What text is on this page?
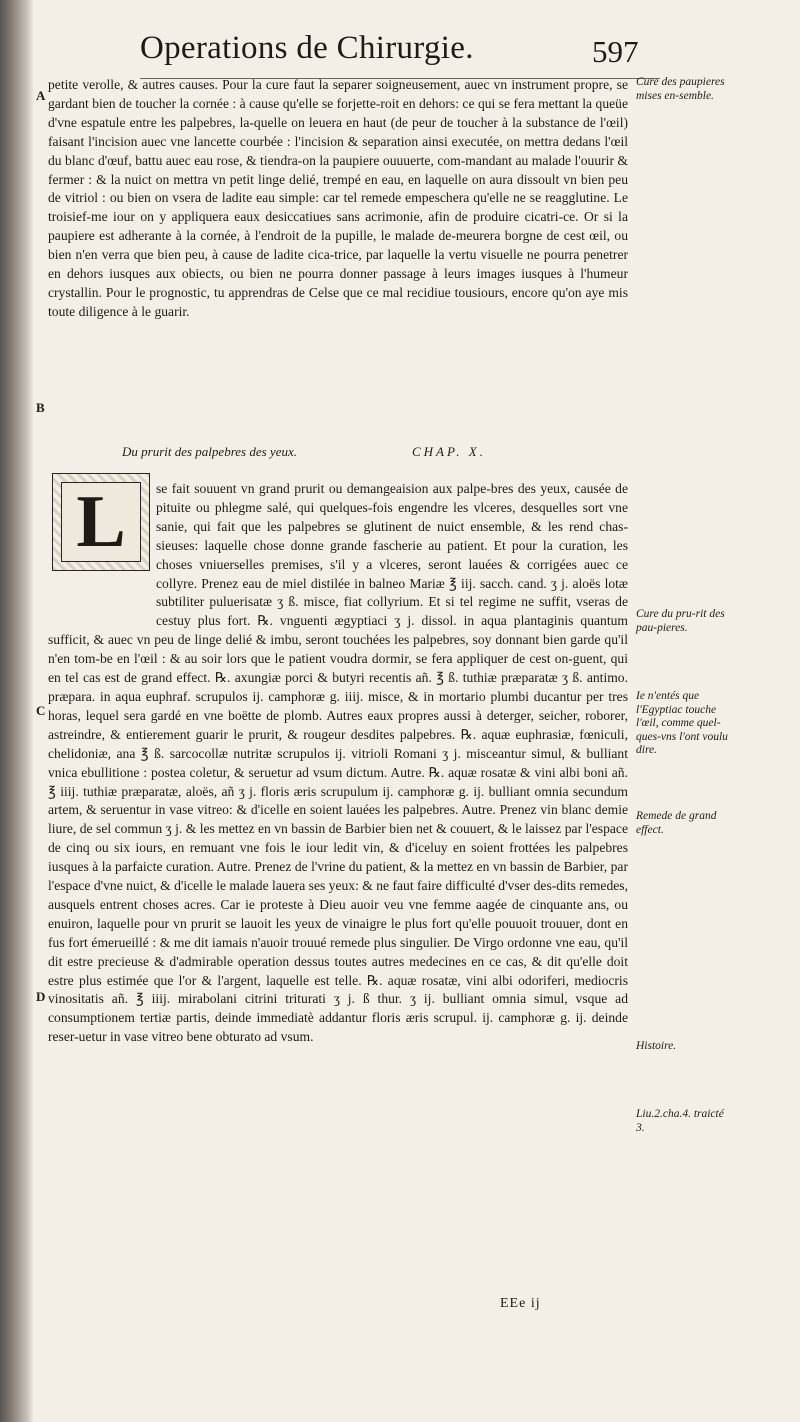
Operations de Chirurgie.	597
A
B
C
D

petite verolle, & autres causes. Pour la cure faut la separer soigneusement, auec vn instrument propre, se gardant bien de toucher la cornée : à cause qu'elle se forjette-roit en dehors: ce qui se fera mettant la queüe d'vne espatule entre les palpebres, la-quelle on leuera en haut (de peur de toucher à la substance de l'œil) faisant l'incision auec vne lancette courbée : l'incision & separation ainsi executée, on mettra dedans l'œil du blanc d'œuf, battu auec eau rose, & tiendra-on la paupiere ouuuerte, com-mandant au malade l'ouurir & fermer : & la nuict on mettra vn petit linge delié, trempé en eau, en laquelle on aura dissoult vn bien peu de vitriol : ou bien on vsera de ladite eau simple: car tel remede empeschera qu'elle ne se reagglutine. Le troisief-me iour on y appliquera eaux desiccatiues sans acrimonie, afin de produire cicatri-ce. Or si la paupiere est adherante à la cornée, à l'endroit de la pupille, le malade de-meurera borgne de cest œil, ou bien n'en verra que bien peu, à cause de ladite cica-trice, par laquelle la vertu visuelle ne pourra penetrer en dehors iusques aux obiects, ou bien ne pourra donner passage à leurs images iusques à l'humeur crystallin. Pour le prognostic, tu apprendras de Celse que ce mal recidiue tousiours, encore qu'on aye mis toute diligence à le guarir.

Du prurit des palpebres des yeux.	CHAP. X.
L	se fait souuent vn grand prurit ou demangeaision aux palpe-bres des yeux, causée de pituite ou phlegme salé, qui quelques-fois engendre les vlceres, desquelles sort vne sanie, qui fait que les palpebres se glutinent de nuict ensemble, & les rend chas-sieuses: laquelle chose donne grande fascherie au patient. Et pour la curation, les choses vniuerselles premises, s'il y a vlceres, seront lauées & corrigées auec ce collyre. Prenez eau de miel distilée in balneo Mariæ ℥ iij. sacch. cand. ʒ j. aloës lotæ subtiliter puluerisatæ ʒ ß. misce, fiat collyrium. Et si tel regime ne suffit, vseras de cestuy plus fort. ℞. vnguenti ægyptiaci ʒ j. dissol. in aqua plantaginis quantum sufficit, & auec vn peu de linge delié & imbu, seront touchées les palpebres, soy donnant bien garde qu'il n'en tom-be en l'œil : & au soir lors que le patient voudra dormir, se fera appliquer de cest on-guent, qui en tel cas est de grand effect. ℞. axungiæ porci & butyri recentis añ. ℥ ß. tuthiæ præparatæ ʒ ß. antimo. præpara. in aqua euphraf. scrupulos ij. camphoræ g. iiij. misce, & in mortario plumbi ducantur per tres horas, lequel sera gardé en vne boëtte de plomb. Autres eaux propres aussi à deterger, seicher, roborer, astreindre, & entierement guarir le prurit, & rougeur desdites palpebres. ℞. aquæ euphrasiæ, fœniculi, chelidoniæ, ana ℥ ß. sarcocollæ nutritæ scrupulos ij. vitrioli Romani ʒ j. misceantur simul, & bulliant vnica ebullitione : postea coletur, & seruetur ad vsum dictum. Autre. ℞. aquæ rosatæ & vini albi boni añ. ℥ iiij. tuthiæ præparatæ, aloës, añ ʒ j. floris æris scrupulum ij. camphoræ g. ij. bulliant omnia secundum artem, & seruentur in vase vitreo: & d'icelle en soient lauées les palpebres. Autre. Prenez vin blanc demie liure, de sel commun ʒ j. & les mettez en vn bassin de Barbier bien net & couuert, & le laissez par l'espace de cinq ou six iours, en remuant vne fois le iour ledit vin, & d'iceluy en soient frottées les palpebres iusques à la parfaicte curation. Autre. Prenez de l'vrine du patient, & la mettez en vn bassin de Barbier, par l'espace d'vne nuict, & d'icelle le malade lauera ses yeux: & ne faut faire difficulté d'vser des-dits remedes, ausquels entrent choses acres. Car ie proteste à Dieu auoir veu vne femme aagée de cinquante ans, ou enuiron, laquelle pour vn prurit se lauoit les yeux de vinaigre le plus fort qu'elle pouuoit trouuer, dont en fus fort émerueillé : & me dit iamais n'auoir trouué remede plus singulier. De Virgo ordonne vne eau, qu'il dit estre precieuse & d'admirable operation dessus toutes autres medecines en ce cas, & dit qu'elle doit estre plus estimée que l'or & l'argent, laquelle est telle. ℞. aquæ rosatæ, vini albi odoriferi, mediocris vinositatis añ. ℥ iiij. mirabolani citrini triturati ʒ j. ß thur. ʒ ij. bulliant omnia simul, vsque ad consumptionem tertiæ partis, deinde immediatè addantur floris æris scrupul. ij. camphoræ g. ij. deinde reser-uetur in vase vitreo bene obturato ad vsum.
Cure des paupieres mises en-semble.
Cure du pru-rit des pau-pieres.
Ie n'entés que l'Egyptiac touche l'œil, comme quel-ques-vns l'ont voulu dire.
Remede de grand effect.
Histoire.
Liu.2.cha.4. traicté 3.
EEe ij
